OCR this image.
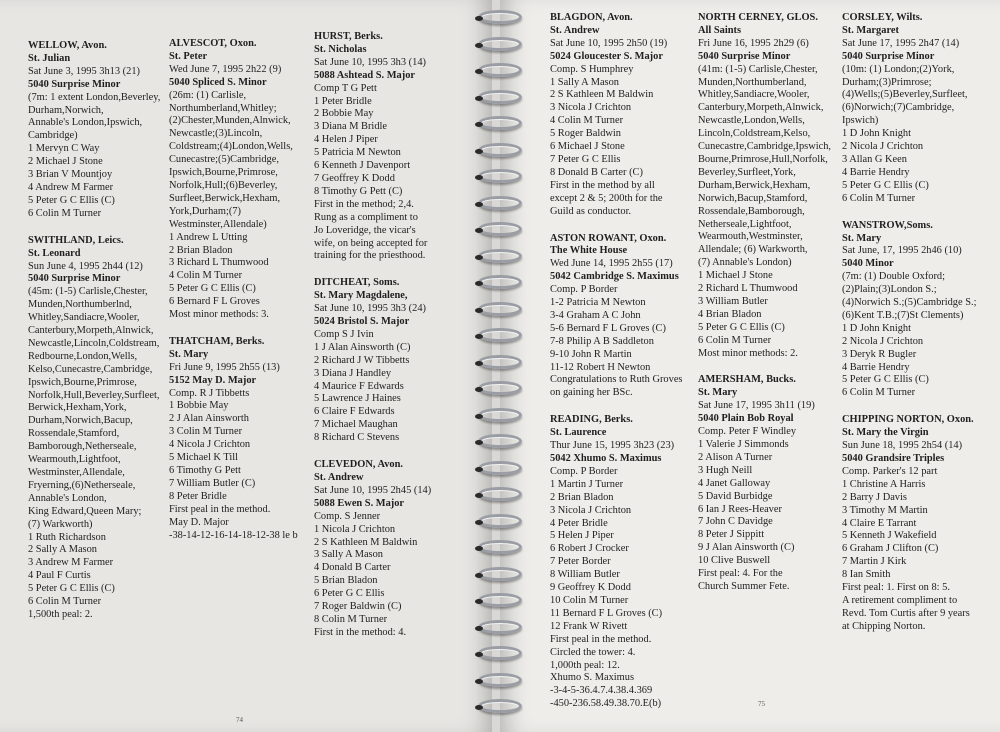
WELLOW, Avon.
St. Julian
Sat June 3, 1995 3h13 (21)
5040 Surprise Minor
(7m: 1 extent London,Beverley,
Durham,Norwich,
Annable's London,Ipswich,
Cambridge)
1 Mervyn C Way
2 Michael J Stone
3 Brian V Mountjoy
4 Andrew M Farmer
5 Peter G C Ellis (C)
6 Colin M Turner
SWITHLAND, Leics.
St. Leonard
Sun June 4, 1995 2h44 (12)
5040 Surprise Minor
(45m: (1-5) Carlisle,Chester,
Munden,Northumberlnd,
Whitley,Sandiacre,Wooler,
Canterbury,Morpeth,Alnwick,
Newcastle,Lincoln,Coldstream,
Redbourne,London,Wells,
Kelso,Cunecastre,Cambridge,
Ipswich,Bourne,Primrose,
Norfolk,Hull,Beverley,Surfleet,
Berwick,Hexham,York,
Durham,Norwich,Bacup,
Rossendale,Stamford,
Bamborough,Netherseale,
Wearmouth,Lightfoot,
Westminster,Allendale,
Fryerning,(6)Netherseale,
Annable's London,
King Edward,Queen Mary;
(7) Warkworth)
1 Ruth Richardson
2 Sally A Mason
3 Andrew M Farmer
4 Paul F Curtis
5 Peter G C Ellis (C)
6 Colin M Turner
1,500th peal: 2.
ALVESCOT, Oxon.
St. Peter
Wed June 7, 1995 2h22 (9)
5040 Spliced S. Minor
(26m: (1) Carlisle,
Northumberland,Whitley;
(2)Chester,Munden,Alnwick,
Newcastle;(3)Lincoln,
Coldstream;(4)London,Wells,
Cunecastre;(5)Cambridge,
Ipswich,Bourne,Primrose,
Norfolk,Hull;(6)Beverley,
Surfleet,Berwick,Hexham,
York,Durham;(7)
Westminster,Allendale)
1 Andrew L Utting
2 Brian Bladon
3 Richard L Thumwood
4 Colin M Turner
5 Peter G C Ellis (C)
6 Bernard F L Groves
Most minor methods: 3.
THATCHAM, Berks.
St. Mary
Fri June 9, 1995 2h55 (13)
5152 May D. Major
Comp. R J Tibbetts
1 Bobbie May
2 J Alan Ainsworth
3 Colin M Turner
4 Nicola J Crichton
5 Michael K Till
6 Timothy G Pett
7 William Butler (C)
8 Peter Bridle
First peal in the method.
May D. Major
-38-14-12-16-14-18-12-38 le b
HURST, Berks.
St. Nicholas
Sat June 10, 1995 3h3 (14)
5088 Ashtead S. Major
Comp T G Pett
1 Peter Bridle
2 Bobbie May
3 Diana M Bridle
4 Helen J Piper
5 Patricia M Newton
6 Kenneth J Davenport
7 Geoffrey K Dodd
8 Timothy G Pett (C)
First in the method; 2,4.
Rung as a compliment to
Jo Loveridge, the vicar's
wife, on being accepted for
training for the priesthood.
DITCHEAT, Soms.
St. Mary Magdalene,
Sat June 10, 1995 3h3 (24)
5024 Bristol S. Major
Comp S J Ivin
1 J Alan Ainsworth (C)
2 Richard J W Tibbetts
3 Diana J Handley
4 Maurice F Edwards
5 Lawrence J Haines
6 Claire F Edwards
7 Michael Maughan
8 Richard C Stevens
CLEVEDON, Avon.
St. Andrew
Sat June 10, 1995 2h45 (14)
5088 Ewen S. Major
Comp. S Jenner
1 Nicola J Crichton
2 S Kathleen M Baldwin
3 Sally A Mason
4 Donald B Carter
5 Brian Bladon
6 Peter G C Ellis
7 Roger Baldwin (C)
8 Colin M Turner
First in the method: 4.
BLAGDON, Avon.
St. Andrew
Sat June 10, 1995 2h50 (19)
5024 Gloucester S. Major
Comp. S Humphrey
1 Sally A Mason
2 S Kathleen M Baldwin
3 Nicola J Crichton
4 Colin M Turner
5 Roger Baldwin
6 Michael J Stone
7 Peter G C Ellis
8 Donald B Carter (C)
First in the method by all
except 2 & 5; 200th for the
Guild as conductor.
ASTON ROWANT, Oxon.
The White House
Wed June 14, 1995 2h55 (17)
5042 Cambridge S. Maximus
Comp. P Border
1-2 Patricia M Newton
3-4 Graham A C John
5-6 Bernard F L Groves (C)
7-8 Philip A B Saddleton
9-10 John R Martin
11-12 Robert H Newton
Congratulations to Ruth Groves
on gaining her BSc.
READING, Berks.
St. Laurence
Thur June 15, 1995 3h23 (23)
5042 Xhumo S. Maximus
Comp. P Border
1 Martin J Turner
2 Brian Bladon
3 Nicola J Crichton
4 Peter Bridle
5 Helen J Piper
6 Robert J Crocker
7 Peter Border
8 William Butler
9 Geoffrey K Dodd
10 Colin M Turner
11 Bernard F L Groves (C)
12 Frank W Rivett
First peal in the method.
Circled the tower: 4.
1,000th peal: 12.
Xhumo S. Maximus
-3-4-5-36.4.7.4.38.4.369
-450-236.58.49.38.70.E(b)
NORTH CERNEY, GLOS.
All Saints
Fri June 16, 1995 2h29 (6)
5040 Surprise Minor
(41m: (1-5) Carlisle,Chester,
Munden,Northumberland,
Whitley,Sandiacre,Wooler,
Canterbury,Morpeth,Alnwick,
Newcastle,London,Wells,
Lincoln,Coldstream,Kelso,
Cunecastre,Cambridge,Ipswich,
Bourne,Primrose,Hull,Norfolk,
Beverley,Surfleet,York,
Durham,Berwick,Hexham,
Norwich,Bacup,Stamford,
Rossendale,Bamborough,
Netherseale,Lightfoot,
Wearmouth,Westminster,
Allendale; (6) Warkworth,
(7) Annable's London)
1 Michael J Stone
2 Richard L Thumwood
3 William Butler
4 Brian Bladon
5 Peter G C Ellis (C)
6 Colin M Turner
Most minor methods: 2.
AMERSHAM, Bucks.
St. Mary
Sat June 17, 1995 3h11 (19)
5040 Plain Bob Royal
Comp. Peter F Windley
1 Valerie J Simmonds
2 Alison A Turner
3 Hugh Neill
4 Janet Galloway
5 David Burbidge
6 Ian J Rees-Heaver
7 John C Davidge
8 Peter J Sippitt
9 J Alan Ainsworth (C)
10 Clive Buswell
First peal: 4. For the
Church Summer Fete.
CORSLEY, Wilts.
St. Margaret
Sat June 17, 1995 2h47 (14)
5040 Surprise Minor
(10m: (1) London;(2)York,
Durham;(3)Primrose;
(4)Wells;(5)Beverley,Surfleet,
(6)Norwich;(7)Cambridge,
Ipswich)
1 D John Knight
2 Nicola J Crichton
3 Allan G Keen
4 Barrie Hendry
5 Peter G C Ellis (C)
6 Colin M Turner
WANSTROW,Soms.
St. Mary
Sat June, 17, 1995 2h46 (10)
5040 Minor
(7m: (1) Double Oxford;
(2)Plain;(3)London S.;
(4)Norwich S.;(5)Cambridge S.;
(6)Kent T.B.;(7)St Clements)
1 D John Knight
2 Nicola J Crichton
3 Deryk R Bugler
4 Barrie Hendry
5 Peter G C Ellis (C)
6 Colin M Turner
CHIPPING NORTON, Oxon.
St. Mary the Virgin
Sun June 18, 1995 2h54 (14)
5040 Grandsire Triples
Comp. Parker's 12 part
1 Christine A Harris
2 Barry J Davis
3 Timothy M Martin
4 Claire E Tarrant
5 Kenneth J Wakefield
6 Graham J Clifton (C)
7 Martin J Kirk
8 Ian Smith
First peal: 1. First on 8: 5.
A retirement compliment to
Revd. Tom Curtis after 9 years
at Chipping Norton.
74
75
